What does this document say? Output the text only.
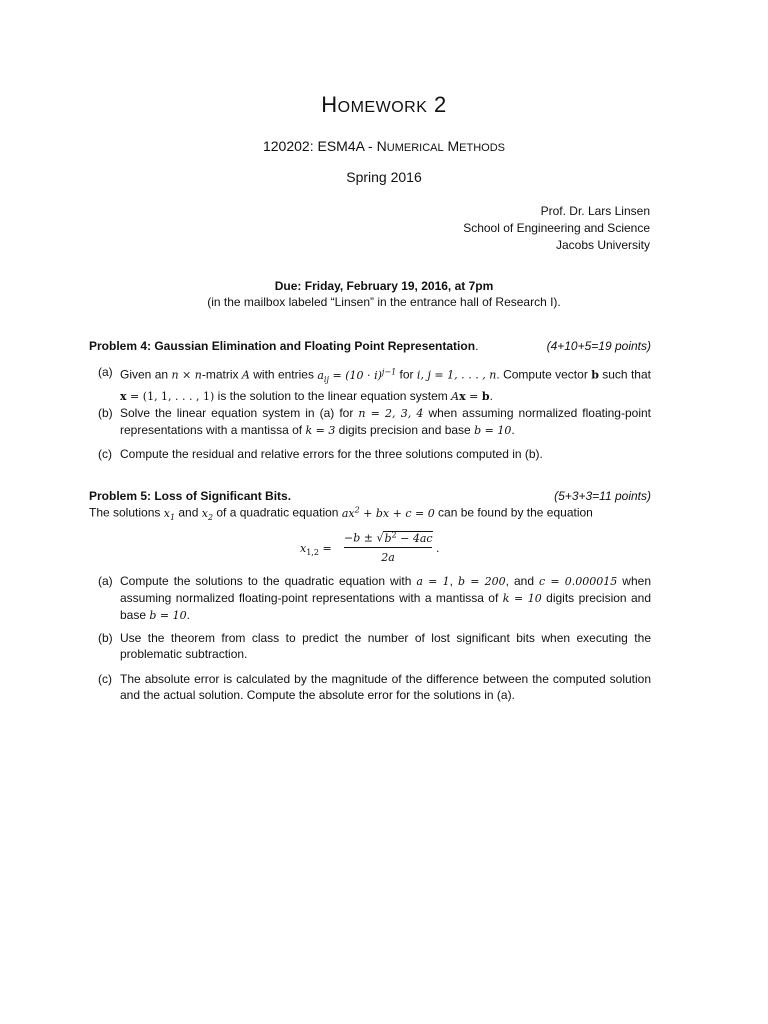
HOMEWORK 2
120202: ESM4A - NUMERICAL METHODS
Spring 2016
Prof. Dr. Lars Linsen
School of Engineering and Science
Jacobs University
Due: Friday, February 19, 2016, at 7pm
(in the mailbox labeled “Linsen” in the entrance hall of Research I).
Problem 4: Gaussian Elimination and Floating Point Representation.	(4+10+5=19 points)
(a) Given an n × n-matrix A with entries $a_{ij} = (10 \cdot i)^{j-1}$ for i, j = 1, . . . , n. Compute vector b such that x = (1, 1, . . . , 1) is the solution to the linear equation system Ax = b.
(b) Solve the linear equation system in (a) for n = 2, 3, 4 when assuming normalized floating-point representations with a mantissa of k = 3 digits precision and base b = 10.
(c) Compute the residual and relative errors for the three solutions computed in (b).
Problem 5: Loss of Significant Bits.	(5+3+3=11 points)
The solutions $x_1$ and $x_2$ of a quadratic equation $ax^2$ + bx + c = 0 can be found by the equation
$x_{1,2}$ =
$-b \pm √b^2 - 4ac$
2a
.
(a) Compute the solutions to the quadratic equation with a = 1, b = 200, and c = 0.000015 when assuming normalized floating-point representations with a mantissa of k = 10 digits precision and base b = 10.
(b) Use the theorem from class to predict the number of lost significant bits when executing the problematic subtraction.
(c) The absolute error is calculated by the magnitude of the difference between the computed solution and the actual solution. Compute the absolute error for the solutions in (a).
